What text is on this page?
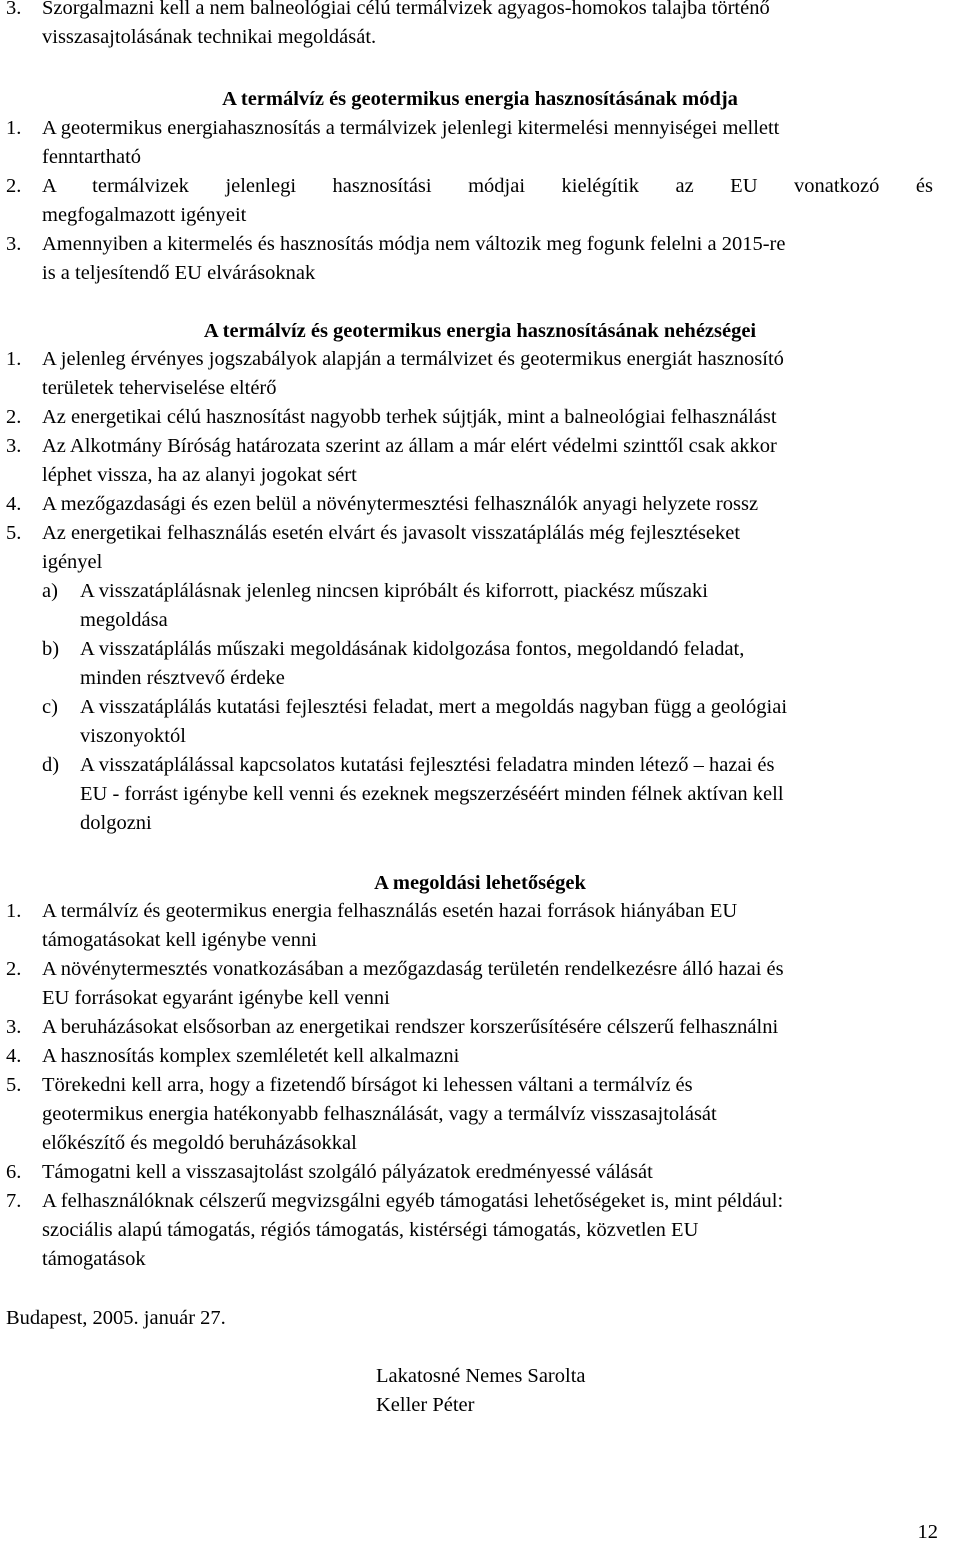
3. Szorgalmazni kell a nem balneológiai célú termálvizek agyagos-homokos talajba történő
visszasajtolásának technikai megoldását.
A termálvíz és geotermikus energia hasznosításának módja
1. A geotermikus energiahasznosítás a termálvizek jelenlegi kitermelési mennyiségei mellett
fenntartható
2. A termálvizek jelenlegi hasznosítási módjai kielégítik az EU vonatkozó és
megfogalmazott igényeit
3. Amennyiben a kitermelés és hasznosítás módja nem változik meg fogunk felelni a 2015-re
is a teljesítendő EU elvárásoknak
A termálvíz és geotermikus energia hasznosításának nehézségei
1. A jelenleg érvényes jogszabályok alapján a termálvizet és geotermikus energiát hasznosító
területek teherviselése eltérő
2. Az energetikai célú hasznosítást nagyobb terhek sújtják, mint a balneológiai felhasználást
3. Az Alkotmány Bíróság határozata szerint az állam a már elért védelmi szinttől csak akkor
léphet vissza, ha az alanyi jogokat sért
4. A mezőgazdasági és ezen belül a növénytermesztési felhasználók anyagi helyzete rossz
5. Az energetikai felhasználás esetén elvárt és javasolt visszatáplálás még fejlesztéseket
igényel
a) A visszatáplálásnak jelenleg nincsen kipróbált és kiforrott, piackész műszaki
megoldása
b) A visszatáplálás műszaki megoldásának kidolgozása fontos, megoldandó feladat,
minden résztvevő érdeke
c) A visszatáplálás kutatási fejlesztési feladat, mert a megoldás nagyban függ a geológiai
viszonyoktól
d) A visszatáplálással kapcsolatos kutatási fejlesztési feladatra minden létező – hazai és
EU - forrást igénybe kell venni és ezeknek megszerzéséért minden félnek aktívan kell
dolgozni
A megoldási lehetőségek
1. A termálvíz és geotermikus energia felhasználás esetén hazai források hiányában EU
támogatásokat kell igénybe venni
2. A növénytermesztés vonatkozásában a mezőgazdaság területén rendelkezésre álló hazai és
EU forrásokat egyaránt igénybe kell venni
3. A beruházásokat elsősorban az energetikai rendszer korszerűsítésére célszerű felhasználni
4. A hasznosítás komplex szemléletét kell alkalmazni
5. Törekedni kell arra, hogy a fizetendő bírságot ki lehessen váltani a termálvíz és
geotermikus energia hatékonyabb felhasználását, vagy a termálvíz visszasajtolását
előkészítő és megoldó beruházásokkal
6. Támogatni kell a visszasajtolást szolgáló pályázatok eredményessé válását
7. A felhasználóknak célszerű megvizsgálni egyéb támogatási lehetőségeket is, mint például:
szociális alapú támogatás, régiós támogatás, kistérségi támogatás, közvetlen EU
támogatások
Budapest, 2005. január 27.
Lakatosné Nemes Sarolta
Keller Péter
12
